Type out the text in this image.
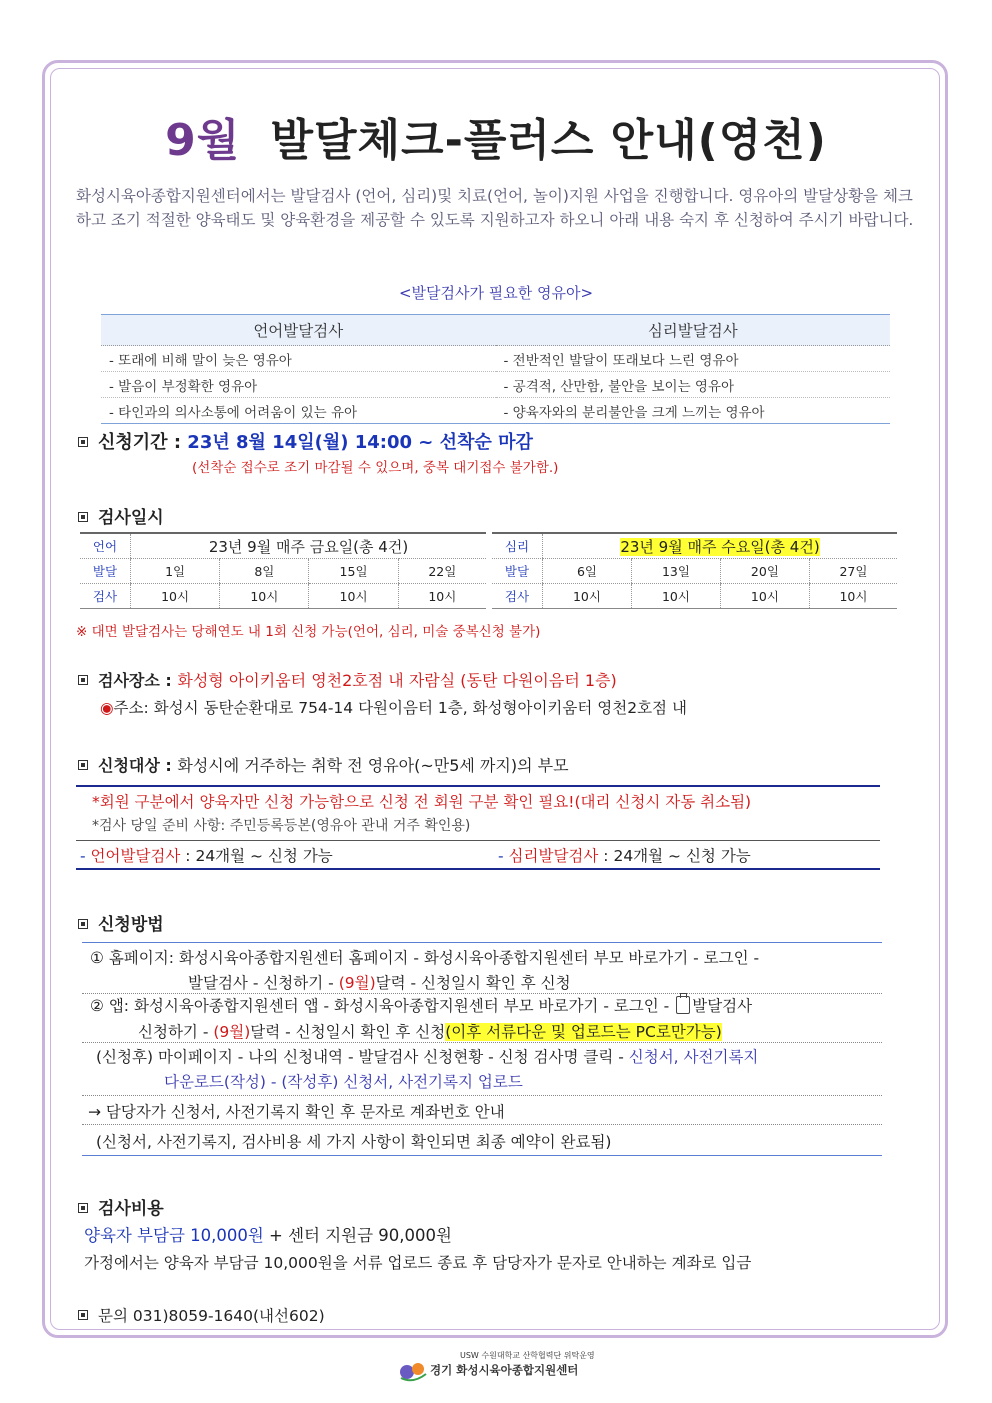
9월 발달체크-플러스 안내(영천)
화성시육아종합지원센터에서는 발달검사 (언어, 심리)및 치료(언어, 놀이)지원 사업을 진행합니다. 영유아의 발달상황을 체크하고 조기 적절한 양육태도 및 양육환경을 제공할 수 있도록 지원하고자 하오니 아래 내용 숙지 후 신청하여 주시기 바랍니다.
<발달검사가 필요한 영유아>
언어발달검사	심리발달검사
- 또래에 비해 말이 늦은 영유아	- 전반적인 발달이 또래보다 느린 영유아
- 발음이 부정확한 영유아	- 공격적, 산만함, 불안을 보이는 영유아
- 타인과의 의사소통에 어려움이 있는 유아	- 양육자와의 분리불안을 크게 느끼는 영유아
신청기간 : 23년 8월 14일(월) 14:00 ~ 선착순 마감
(선착순 접수로 조기 마감될 수 있으며, 중복 대기접수 불가함.)
검사일시
언어	23년 9월 매주 금요일(총 4건)			
발달	1일	8일	15일	22일
검사	10시	10시	10시	10시
심리	23년 9월 매주 수요일(총 4건)			
발달	6일	13일	20일	27일
검사	10시	10시	10시	10시
※ 대면 발달검사는 당해연도 내 1회 신청 가능(언어, 심리, 미술 중복신청 불가)
검사장소 : 화성형 아이키움터 영천2호점 내 자람실 (동탄 다원이음터 1층)
◉주소: 화성시 동탄순환대로 754-14 다원이음터 1층, 화성형아이키움터 영천2호점 내
신청대상 : 화성시에 거주하는 취학 전 영유아(~만5세 까지)의 부모
*회원 구분에서 양육자만 신청 가능함으로 신청 전 회원 구분 확인 필요!(대리 신청시 자동 취소됨)
*검사 당일 준비 사항: 주민등록등본(영유아 관내 거주 확인용)
- 언어발달검사 : 24개월 ~ 신청 가능	- 심리발달검사 : 24개월 ~ 신청 가능
신청방법
① 홈페이지: 화성시육아종합지원센터 홈페이지 - 화성시육아종합지원센터 부모 바로가기 - 로그인 -
발달검사 - 신청하기 - (9월)달력 - 신청일시 확인 후 신청
② 앱: 화성시육아종합지원센터 앱 - 화성시육아종합지원센터 부모 바로가기 - 로그인 - 발달검사
신청하기 - (9월)달력 - 신청일시 확인 후 신청(이후 서류다운 및 업로드는 PC로만가능)
(신청후) 마이페이지 - 나의 신청내역 - 발달검사 신청현황 - 신청 검사명 클릭 - 신청서, 사전기록지
다운로드(작성) - (작성후) 신청서, 사전기록지 업로드
→ 담당자가 신청서, 사전기록지 확인 후 문자로 계좌번호 안내
(신청서, 사전기록지, 검사비용 세 가지 사항이 확인되면 최종 예약이 완료됨)
검사비용
양육자 부담금 10,000원 + 센터 지원금 90,000원
가정에서는 양육자 부담금 10,000원을 서류 업로드 종료 후 담당자가 문자로 안내하는 계좌로 입금
문의 031)8059-1640(내선602)
USW 수원대학교 산학협력단 위탁운영
경기 화성시육아종합지원센터
